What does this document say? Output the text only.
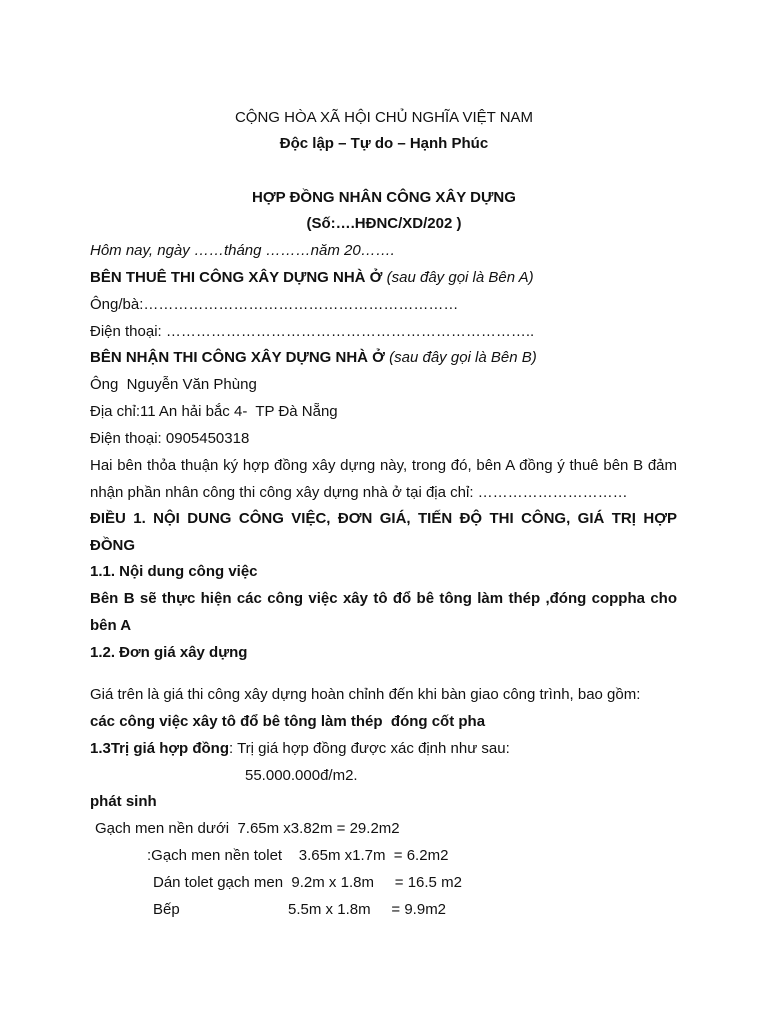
CỘNG HÒA XÃ HỘI CHỦ NGHĨA VIỆT NAM
Độc lập – Tự do – Hạnh Phúc
HỢP ĐỒNG NHÂN CÔNG XÂY DỰNG
(Số:….HĐNC/XD/202 )
Hôm nay, ngày ……tháng ………năm 20…….
BÊN THUÊ THI CÔNG XÂY DỰNG NHÀ Ở (sau đây gọi là Bên A)
Ông/bà:………………………………………………………
Điện thoại: ………………………………………………………………..
BÊN NHẬN THI CÔNG XÂY DỰNG NHÀ Ở (sau đây gọi là Bên B)
Ông  Nguyễn Văn Phùng
Địa chỉ:11 An hải bắc 4-  TP Đà Nẵng
Điện thoại: 0905450318
Hai bên thỏa thuận ký hợp đồng xây dựng này, trong đó, bên A đồng ý thuê bên B đảm
nhận phần nhân công thi công xây dựng nhà ở tại địa chỉ: …………………………
ĐIỀU 1. NỘI DUNG CÔNG VIỆC, ĐƠN GIÁ, TIẾN ĐỘ THI CÔNG, GIÁ TRỊ HỢP
ĐỒNG
1.1. Nội dung công việc
Bên B sẽ thực hiện các công việc xây tô đổ bê tông làm thép ,đóng coppha cho
bên A
1.2. Đơn giá xây dựng
Giá trên là giá thi công xây dựng hoàn chỉnh đến khi bàn giao công trình, bao gồm:
các công việc xây tô đổ bê tông làm thép  đóng cốt pha
1.3Trị giá hợp đồng: Trị giá hợp đồng được xác định như sau:
55.000.000đ/m2.
phát sinh
Gạch men nền dưới  7.65m x3.82m = 29.2m2
:Gạch men nền tolet    3.65m x1.7m  = 6.2m2
Dán tolet gạch men  9.2m x 1.8m     = 16.5 m2
Bếp                          5.5m x 1.8m     = 9.9m2
